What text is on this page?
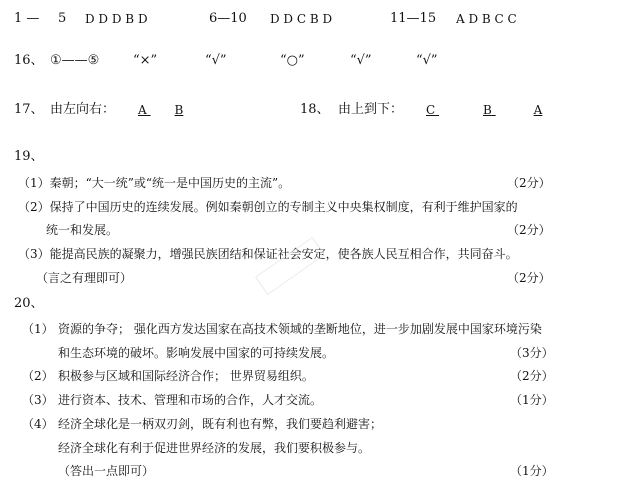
1 — 5 D D D B D	6—10 D D C B D	11—15 A D B C C
16、 ①——⑤	“×”	“√”	“○”	“√”	“√”
17、 由左向右：	A B	18、 由上到下：	C	B	A
19、
（1）秦朝；“大一统”或“统一是中国历史的主流”。	（2分）
（2）保持了中国历史的连续发展。例如秦朝创立的专制主义中央集权制度，有利于维护国家的
统一和发展。	（2分）
（3）能提高民族的凝聚力，增强民族团结和保证社会安定，使各族人民互相合作，共同奋斗。
（言之有理即可）	（2分）
20、
（1） 资源的争夺； 强化西方发达国家在高技术领域的垄断地位，进一步加剧发展中国家环境污染
和生态环境的破坏。影响发展中国家的可持续发展。	（3分）
（2） 积极参与区域和国际经济合作； 世界贸易组织。	（2分）
（3） 进行资本、技术、管理和市场的合作，人才交流。	（1分）
（4） 经济全球化是一柄双刃剑，既有利也有弊，我们要趋利避害；
经济全球化有利于促进世界经济的发展，我们要积极参与。
（答出一点即可）	（1分）
